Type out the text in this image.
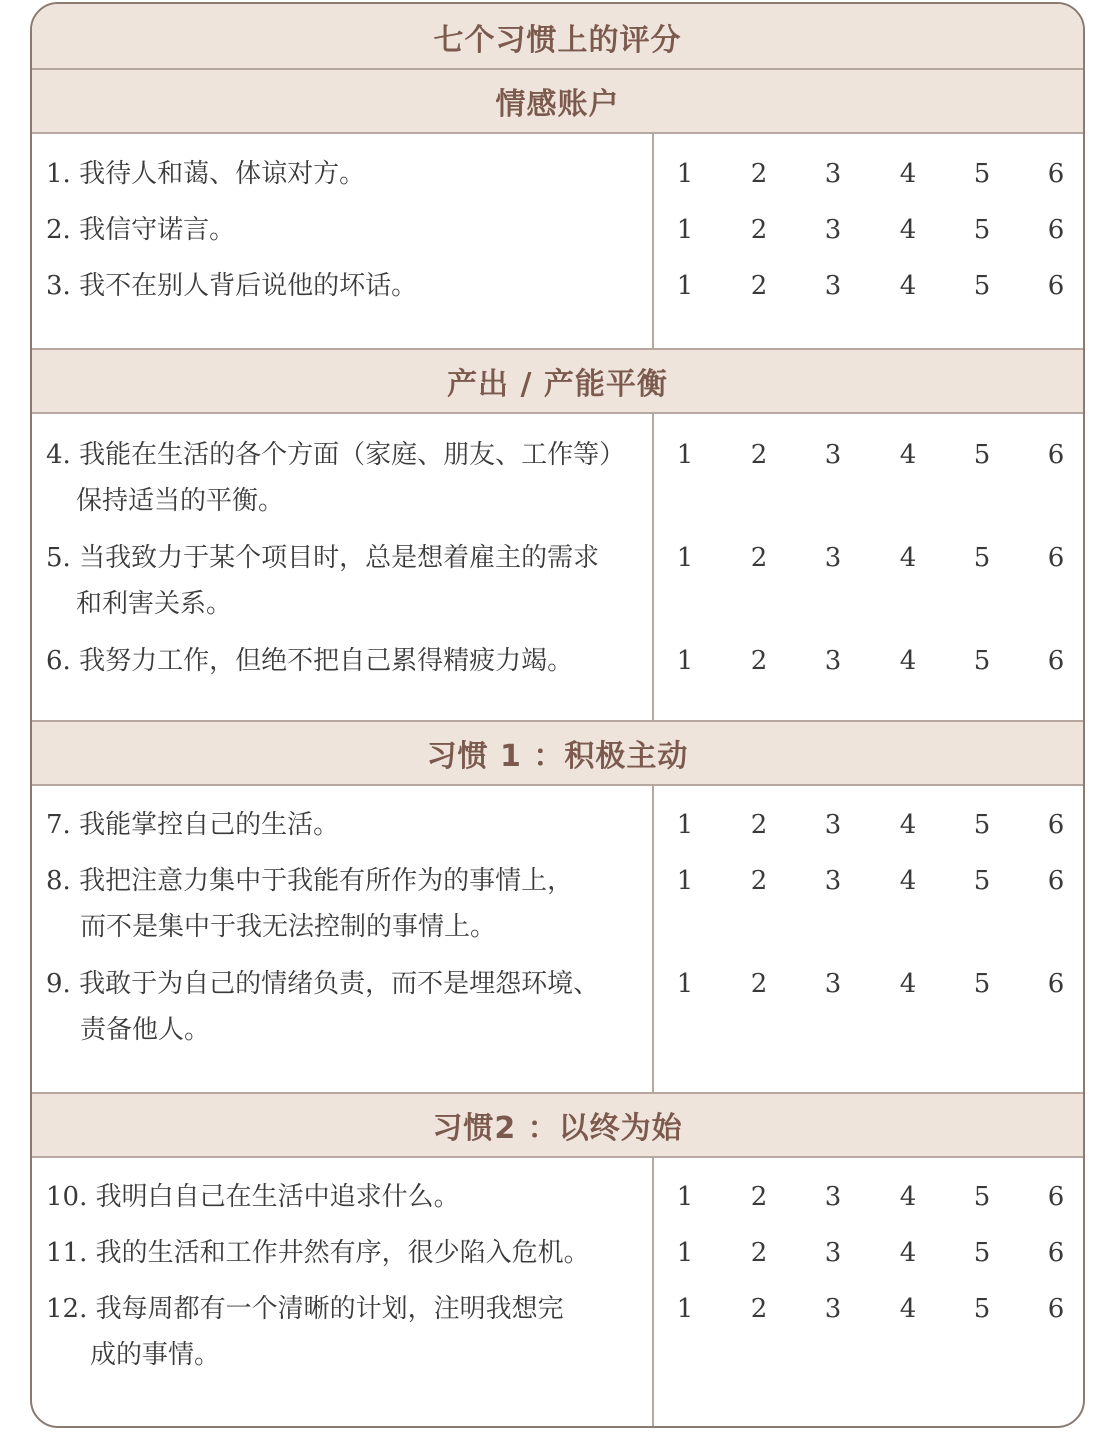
七个习惯上的评分
情感账户
1. 我待人和蔼、体谅对方。	1 2 3 4 5 6
2. 我信守诺言。	1 2 3 4 5 6
3. 我不在别人背后说他的坏话。	1 2 3 4 5 6
产出 / 产能平衡
4. 我能在生活的各个方面（家庭、朋友、工作等）
保持适当的平衡。
1 2 3 4 5 6
5. 当我致力于某个项目时，总是想着雇主的需求
和利害关系。
1 2 3 4 5 6
6. 我努力工作，但绝不把自己累得精疲力竭。	1 2 3 4 5 6
习惯 1 ：积极主动
7. 我能掌控自己的生活。	1 2 3 4 5 6
8. 我把注意力集中于我能有所作为的事情上，
而不是集中于我无法控制的事情上。
1 2 3 4 5 6
9. 我敢于为自己的情绪负责，而不是埋怨环境、
责备他人。
1 2 3 4 5 6
习惯2 ：以终为始
10. 我明白自己在生活中追求什么。	1 2 3 4 5 6
11. 我的生活和工作井然有序，很少陷入危机。	1 2 3 4 5 6
12. 我每周都有一个清晰的计划，注明我想完
成的事情。
1 2 3 4 5 6
